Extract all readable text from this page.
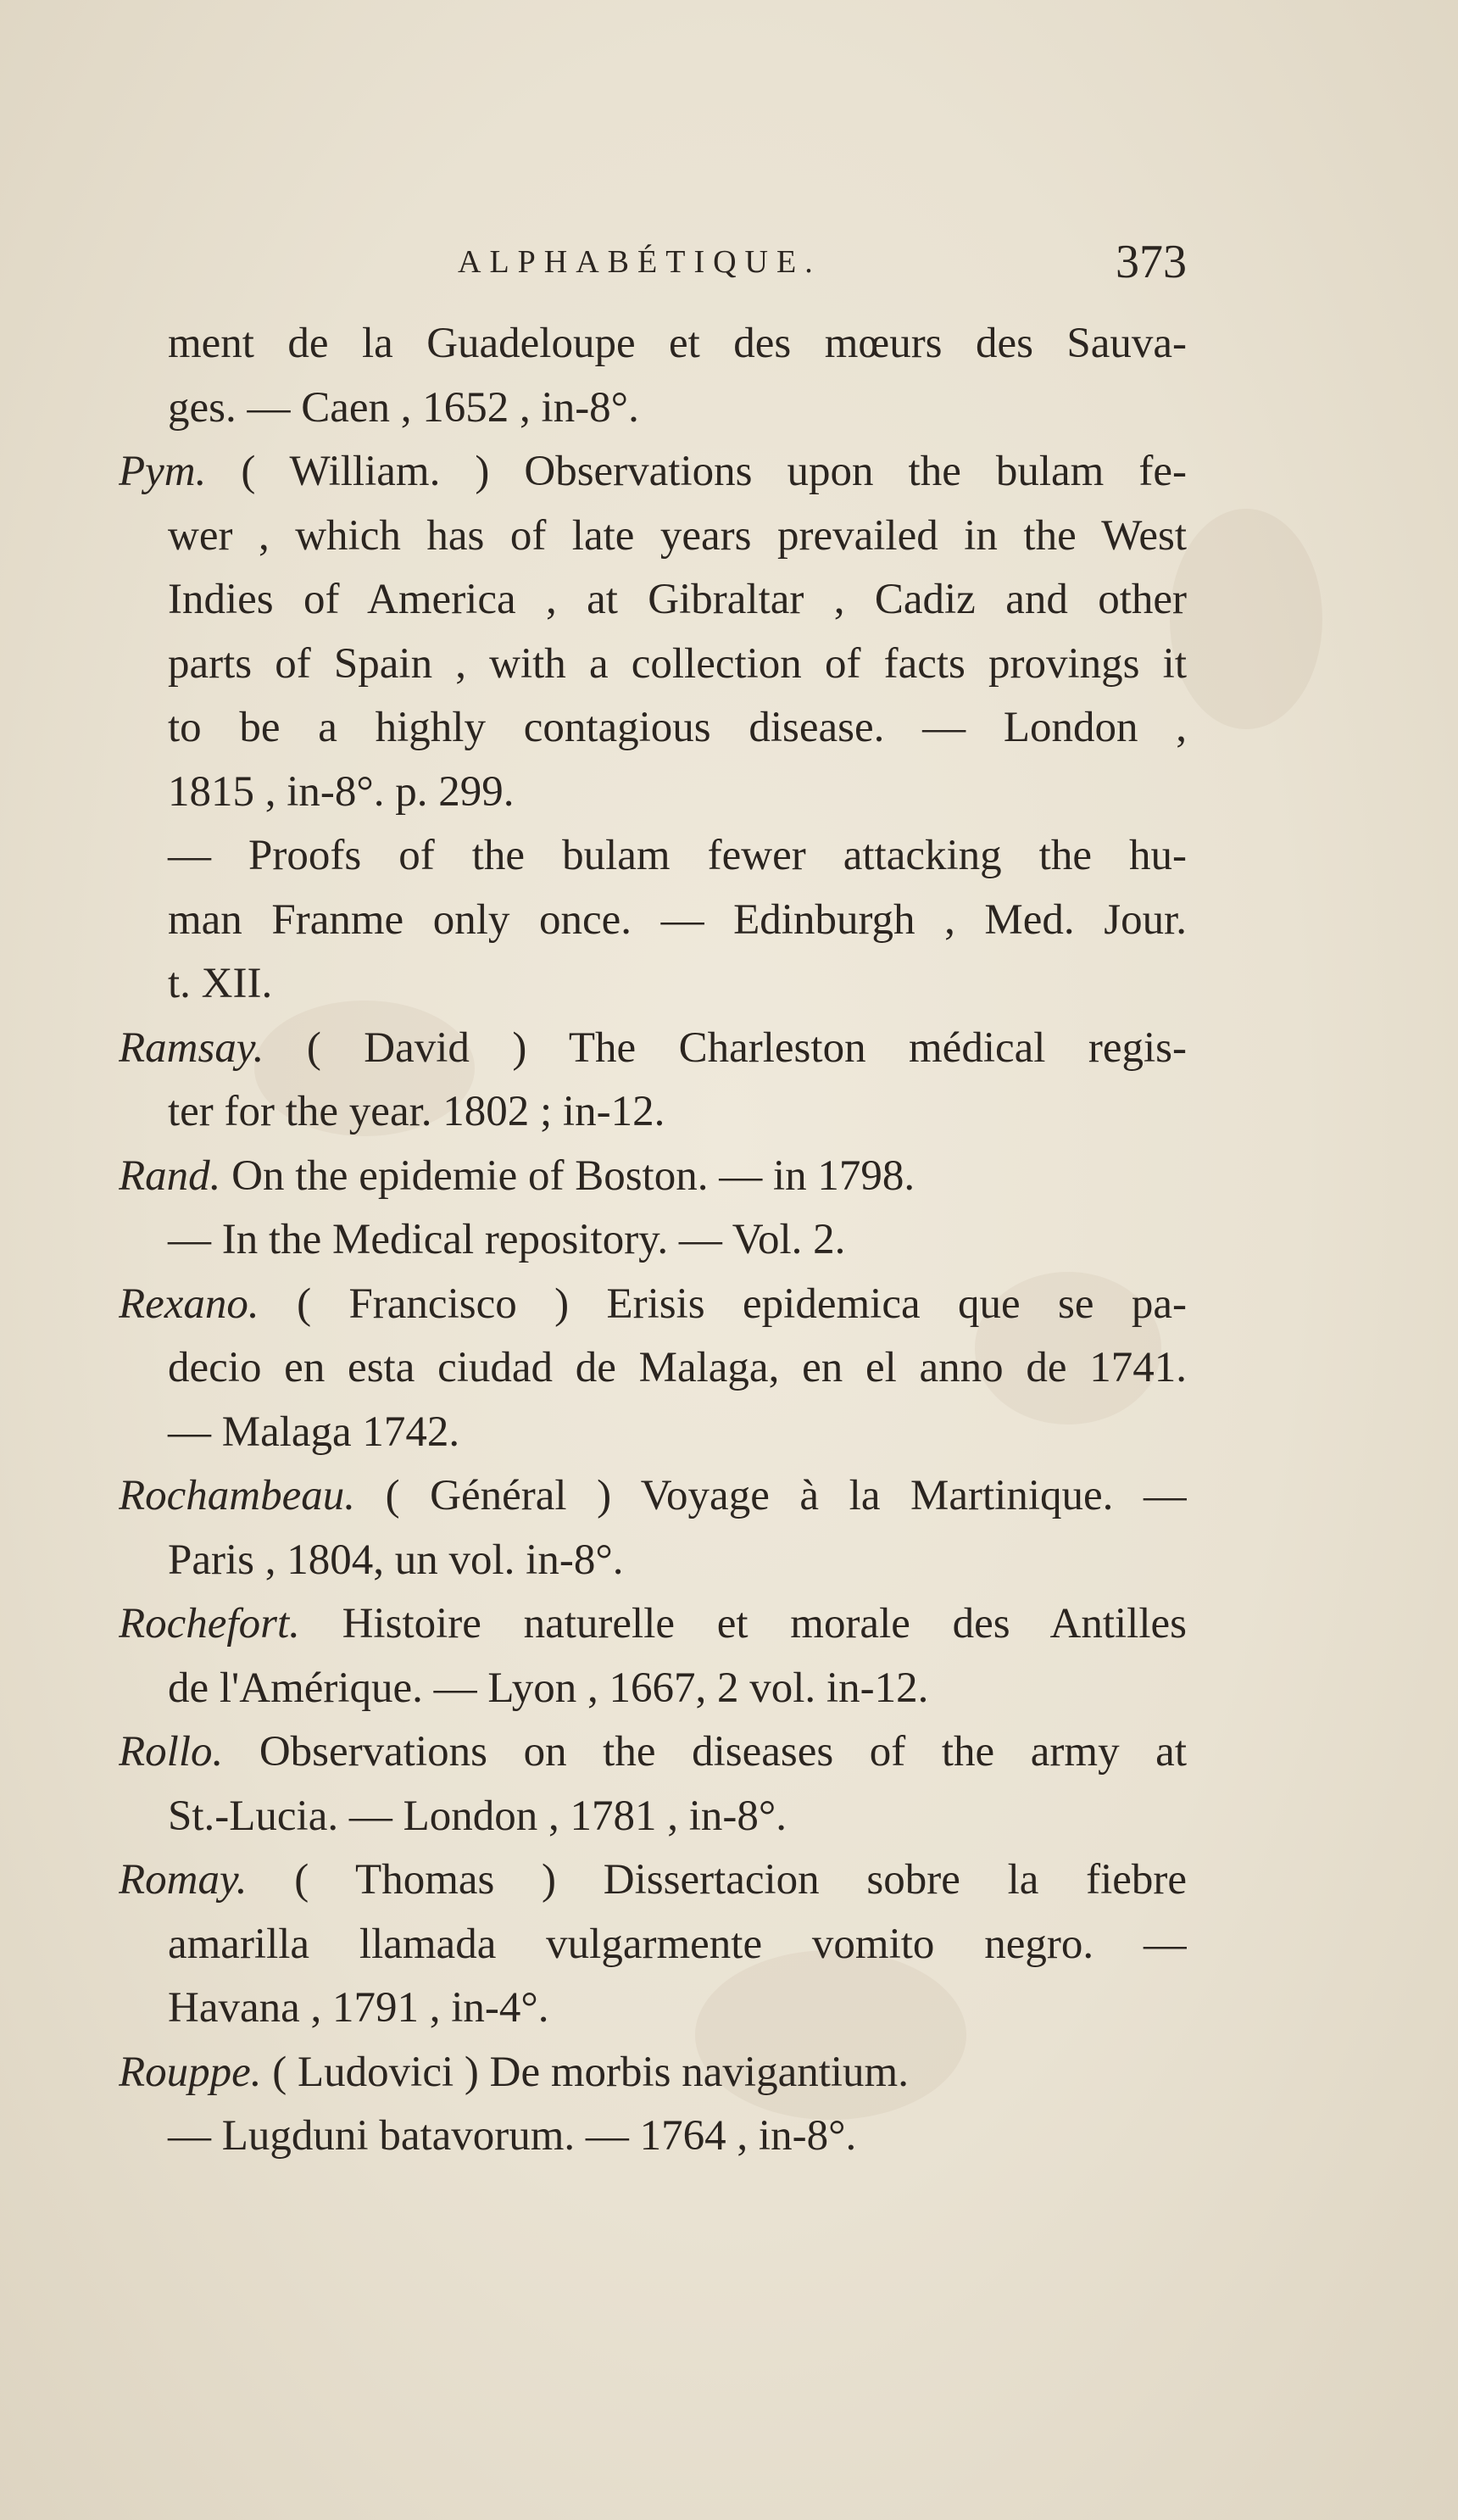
ALPHABÉTIQUE.	373
ment de la Guadeloupe et des mœurs des Sauva-
ges. — Caen , 1652 , in-8°.
Pym. ( William. ) Observations upon the bulam fe-
wer , which has of late years prevailed in the West
Indies of America , at Gibraltar , Cadiz and other
parts of Spain , with a collection of facts provings it
to be a highly contagious disease. — London ,
1815 , in-8°. p. 299.
— Proofs of the bulam fewer attacking the hu-
man Franme only once. — Edinburgh , Med. Jour.
t. XII.
Ramsay. ( David ) The Charleston médical regis-
ter for the year. 1802 ; in-12.
Rand. On the epidemie of Boston. — in 1798.
— In the Medical repository. — Vol. 2.
Rexano. ( Francisco ) Erisis epidemica que se pa-
decio en esta ciudad de Malaga, en el anno de 1741.
— Malaga 1742.
Rochambeau. ( Général ) Voyage à la Martinique. —
Paris , 1804, un vol. in-8°.
Rochefort. Histoire naturelle et morale des Antilles
de l'Amérique. — Lyon , 1667, 2 vol. in-12.
Rollo. Observations on the diseases of the army at
St.-Lucia. — London , 1781 , in-8°.
Romay. ( Thomas ) Dissertacion sobre la fiebre
amarilla llamada vulgarmente vomito negro. —
Havana , 1791 , in-4°.
Rouppe. ( Ludovici ) De morbis navigantium.
— Lugduni batavorum. — 1764 , in-8°.
